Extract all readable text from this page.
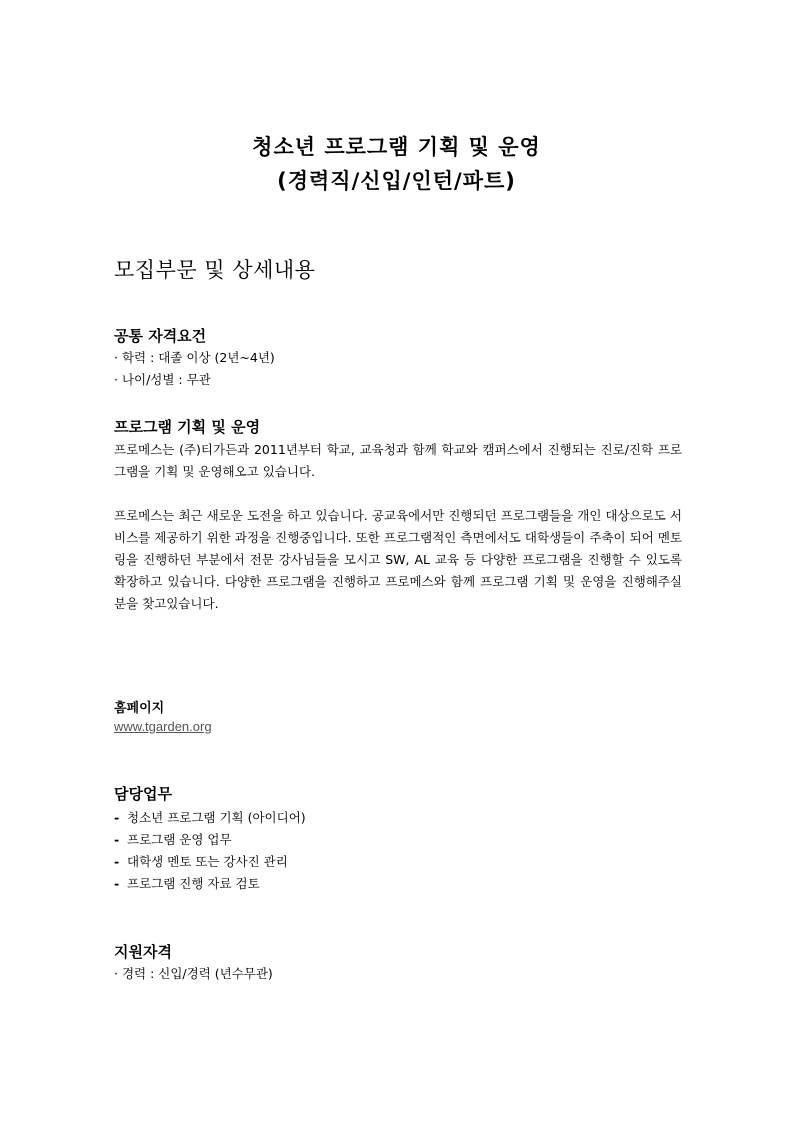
청소년 프로그램 기획 및 운영
(경력직/신입/인턴/파트)
모집부문 및 상세내용
공통 자격요건

· 학력 : 대졸 이상 (2년~4년)

· 나이/성별 : 무관

프로그램 기획 및 운영

프로메스는 (주)티가든과 2011년부터 학교, 교육청과 함께 학교와 캠퍼스에서 진행되는 진로/진학 프로그램을 기획 및 운영해오고 있습니다.

프로메스는 최근 새로운 도전을 하고 있습니다. 공교육에서만 진행되던 프로그램들을 개인 대상으로도 서비스를 제공하기 위한 과정을 진행중입니다. 또한 프로그램적인 측면에서도 대학생들이 주축이 되어 멘토링을 진행하던 부분에서 전문 강사님들을 모시고 SW, AL 교육 등 다양한 프로그램을 진행할 수 있도록 확장하고 있습니다. 다양한 프로그램을 진행하고 프로메스와 함께 프로그램 기획 및 운영을 진행해주실 분을 찾고있습니다.

홈페이지
www.tgarden.org
담당업무

- 청소년 프로그램 기획 (아이디어)

- 프로그램 운영 업무

- 대학생 멘토 또는 강사진 관리

- 프로그램 진행 자료 검토

지원자격

· 경력 : 신입/경력 (년수무관)
